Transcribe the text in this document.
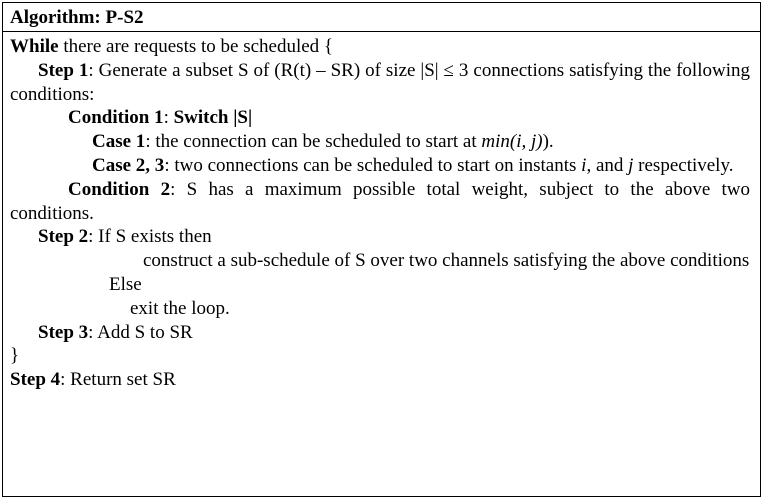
Algorithm: P-S2
While there are requests to be scheduled {
Step 1: Generate a subset S of (R(t) – SR) of size |S| ≤ 3 connections satisfying the following conditions:
Condition 1: Switch |S|
Case 1: the connection can be scheduled to start at min(i, j)).
Case 2, 3: two connections can be scheduled to start on instants i, and j respectively.
Condition 2: S has a maximum possible total weight, subject to the above two conditions.
Step 2: If S exists then
construct a sub-schedule of S over two channels satisfying the above conditions
Else
exit the loop.
Step 3: Add S to SR
}
Step 4: Return set SR
